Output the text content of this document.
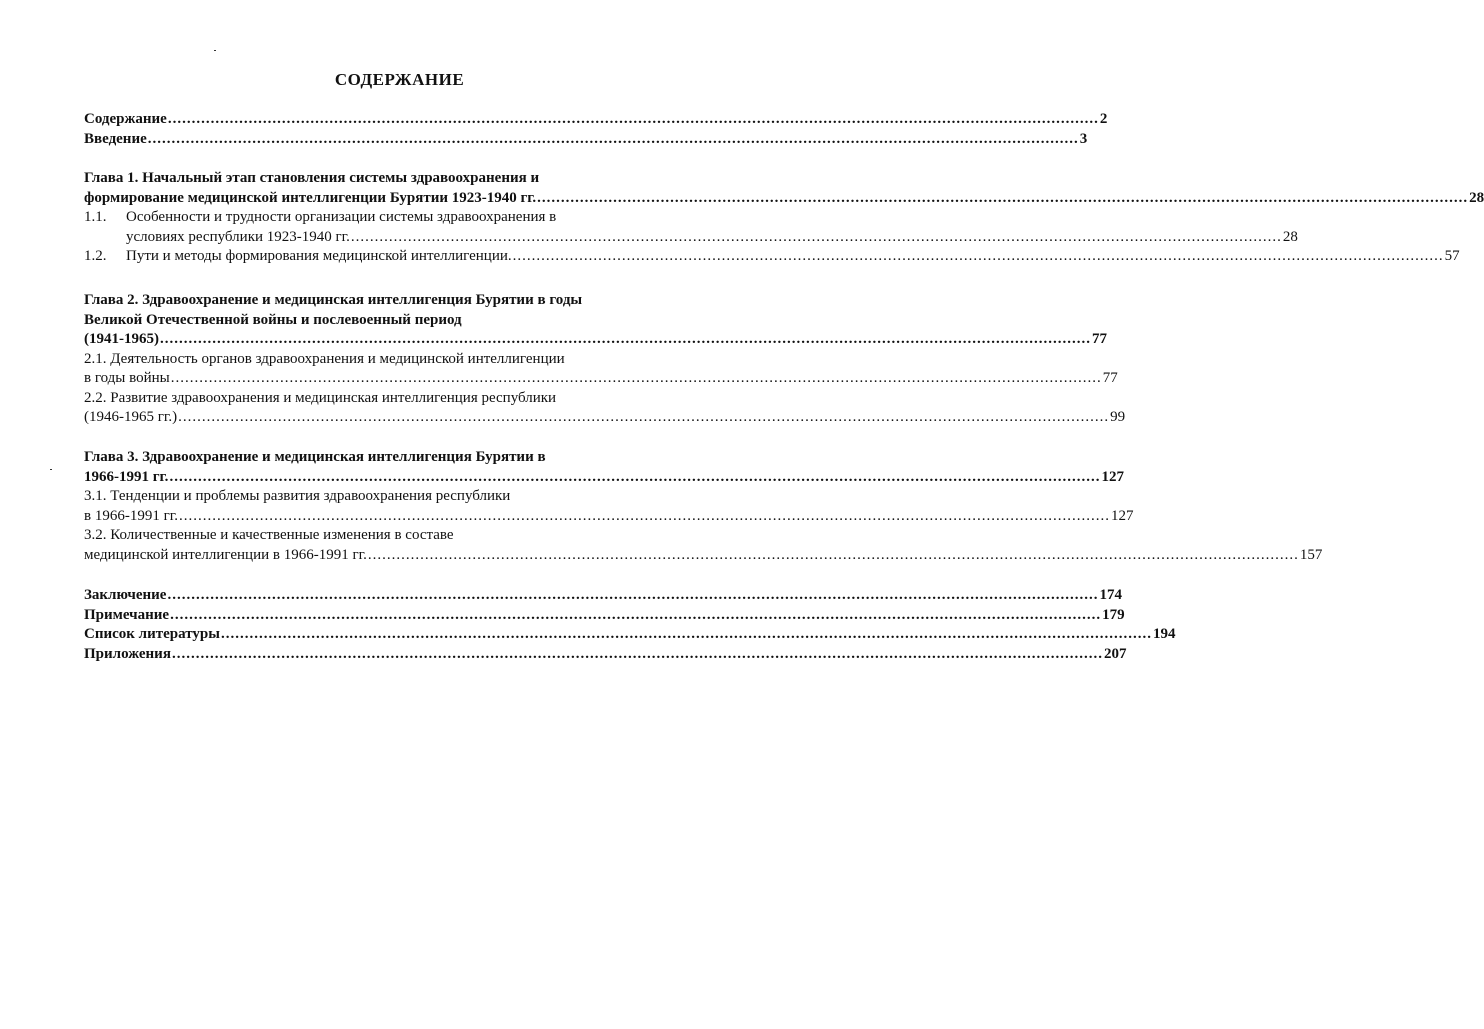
СОДЕРЖАНИЕ
Содержание .....	2
Введение .....	3
Глава 1. Начальный этап становления системы здравоохранения и
формирование медицинской интеллигенции Бурятии 1923-1940 гг. .....	28
1.1.	Особенности и трудности организации системы здравоохранения в
условиях республики 1923-1940 гг. .....	28
1.2.	Пути и методы формирования медицинской интеллигенции. .....	57
Глава 2. Здравоохранение и медицинская интеллигенция Бурятии в годы
Великой Отечественной войны и послевоенный период
(1941-1965) .....	77
2.1. Деятельность органов здравоохранения и медицинской интеллигенции
в годы войны .....	77
2.2. Развитие здравоохранения и медицинская интеллигенция республики
(1946-1965 гг.) .....	99
Глава 3. Здравоохранение и медицинская интеллигенция Бурятии в
1966-1991 гг. .....	127
3.1. Тенденции и проблемы развития здравоохранения республики
в 1966-1991 гг. .....	127
3.2. Количественные и качественные изменения в составе
медицинской интеллигенции в 1966-1991 гг. .....	157
Заключение .....	174
Примечание .....	179
Список литературы .....	194
Приложения .....	207
